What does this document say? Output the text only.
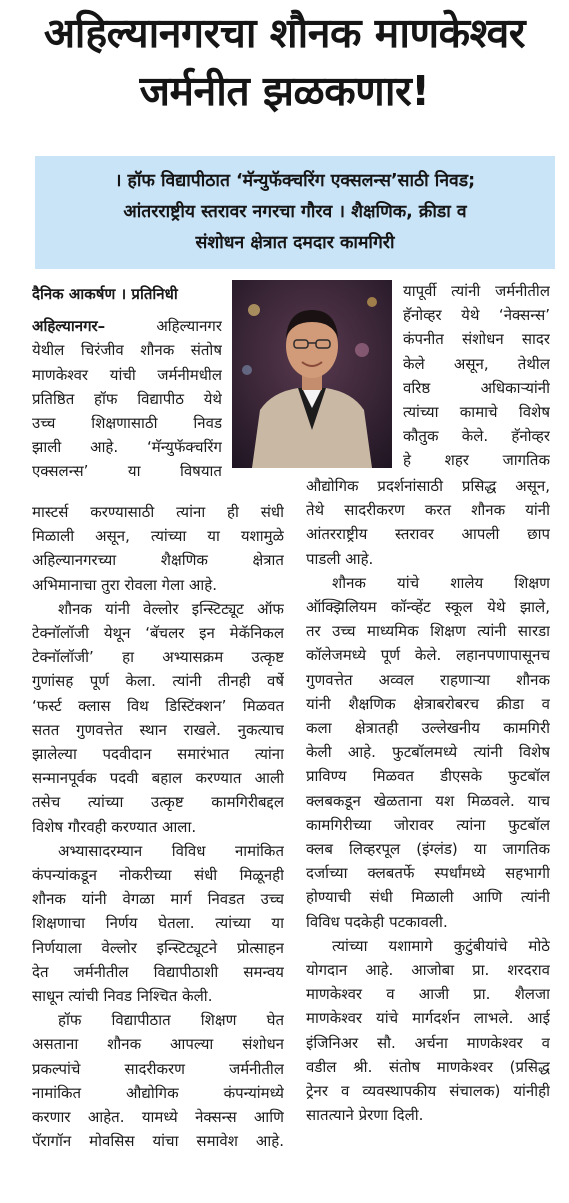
अहिल्यानगरचा शौनक माणकेश्वर
जर्मनीत झळकणार!
। हॉफ विद्यापीठात ‘मॅन्युफॅक्चरिंग एक्सलन्स’साठी निवड;
आंतरराष्ट्रीय स्तरावर नगरचा गौरव । शैक्षणिक, क्रीडा व
संशोधन क्षेत्रात दमदार कामगिरी
दैनिक आकर्षण । प्रतिनिधी
अहिल्यानगर– अहिल्यानगर
येथील चिरंजीव शौनक संतोष
माणकेश्वर यांची जर्मनीमधील
प्रतिष्ठित हॉफ विद्यापीठ येथे
उच्च शिक्षणासाठी निवड
झाली आहे. ‘मॅन्युफॅक्चरिंग
एक्सलन्स’ या विषयात
मास्टर्स करण्यासाठी त्यांना ही संधी
मिळाली असून, त्यांच्या या यशामुळे
अहिल्यानगरच्या शैक्षणिक क्षेत्रात
अभिमानाचा तुरा रोवला गेला आहे.
शौनक यांनी वेल्लोर इन्स्टिट्यूट ऑफ
टेक्नॉलॉजी येथून ‘बॅचलर इन मेकॅनिकल
टेक्नॉलॉजी’ हा अभ्यासक्रम उत्कृष्ट
गुणांसह पूर्ण केला. त्यांनी तीनही वर्षे
‘फर्स्ट क्लास विथ डिस्टिंक्शन’ मिळवत
सतत गुणवत्तेत स्थान राखले. नुकत्याच
झालेल्या पदवीदान समारंभात त्यांना
सन्मानपूर्वक पदवी बहाल करण्यात आली
तसेच त्यांच्या उत्कृष्ट कामगिरीबद्दल
विशेष गौरवही करण्यात आला.
अभ्यासादरम्यान विविध नामांकित
कंपन्यांकडून नोकरीच्या संधी मिळूनही
शौनक यांनी वेगळा मार्ग निवडत उच्च
शिक्षणाचा निर्णय घेतला. त्यांच्या या
निर्णयाला वेल्लोर इन्स्टिट्यूटने प्रोत्साहन
देत जर्मनीतील विद्यापीठाशी समन्वय
साधून त्यांची निवड निश्चित केली.
हॉफ विद्यापीठात शिक्षण घेत
असताना शौनक आपल्या संशोधन
प्रकल्पांचे सादरीकरण जर्मनीतील
नामांकित औद्योगिक कंपन्यांमध्ये
करणार आहेत. यामध्ये नेक्सन्स आणि
पॅरागॉन मोवसिस यांचा समावेश आहे.
यापूर्वी त्यांनी जर्मनीतील
हॅनोव्हर येथे ‘नेक्सन्स’
कंपनीत संशोधन सादर
केले असून, तेथील
वरिष्ठ अधिकाऱ्यांनी
त्यांच्या कामाचे विशेष
कौतुक केले. हॅनोव्हर
हे शहर जागतिक
औद्योगिक प्रदर्शनांसाठी प्रसिद्ध असून,
तेथे सादरीकरण करत शौनक यांनी
आंतरराष्ट्रीय स्तरावर आपली छाप
पाडली आहे.
शौनक यांचे शालेय शिक्षण
ऑक्झिलियम कॉन्व्हेंट स्कूल येथे झाले,
तर उच्च माध्यमिक शिक्षण त्यांनी सारडा
कॉलेजमध्ये पूर्ण केले. लहानपणापासूनच
गुणवत्तेत अव्वल राहणाऱ्या शौनक
यांनी शैक्षणिक क्षेत्राबरोबरच क्रीडा व
कला क्षेत्रातही उल्लेखनीय कामगिरी
केली आहे. फुटबॉलमध्ये त्यांनी विशेष
प्राविण्य मिळवत डीएसके फुटबॉल
क्लबकडून खेळताना यश मिळवले. याच
कामगिरीच्या जोरावर त्यांना फुटबॉल
क्लब लिव्हरपूल (इंग्लंड) या जागतिक
दर्जाच्या क्लबतर्फे स्पर्धांमध्ये सहभागी
होण्याची संधी मिळाली आणि त्यांनी
विविध पदकेही पटकावली.
त्यांच्या यशामागे कुटुंबीयांचे मोठे
योगदान आहे. आजोबा प्रा. शरदराव
माणकेश्वर व आजी प्रा. शैलजा
माणकेश्वर यांचे मार्गदर्शन लाभले. आई
इंजिनिअर सौ. अर्चना माणकेश्वर व
वडील श्री. संतोष माणकेश्वर (प्रसिद्ध
ट्रेनर व व्यवस्थापकीय संचालक) यांनीही
सातत्याने प्रेरणा दिली.
